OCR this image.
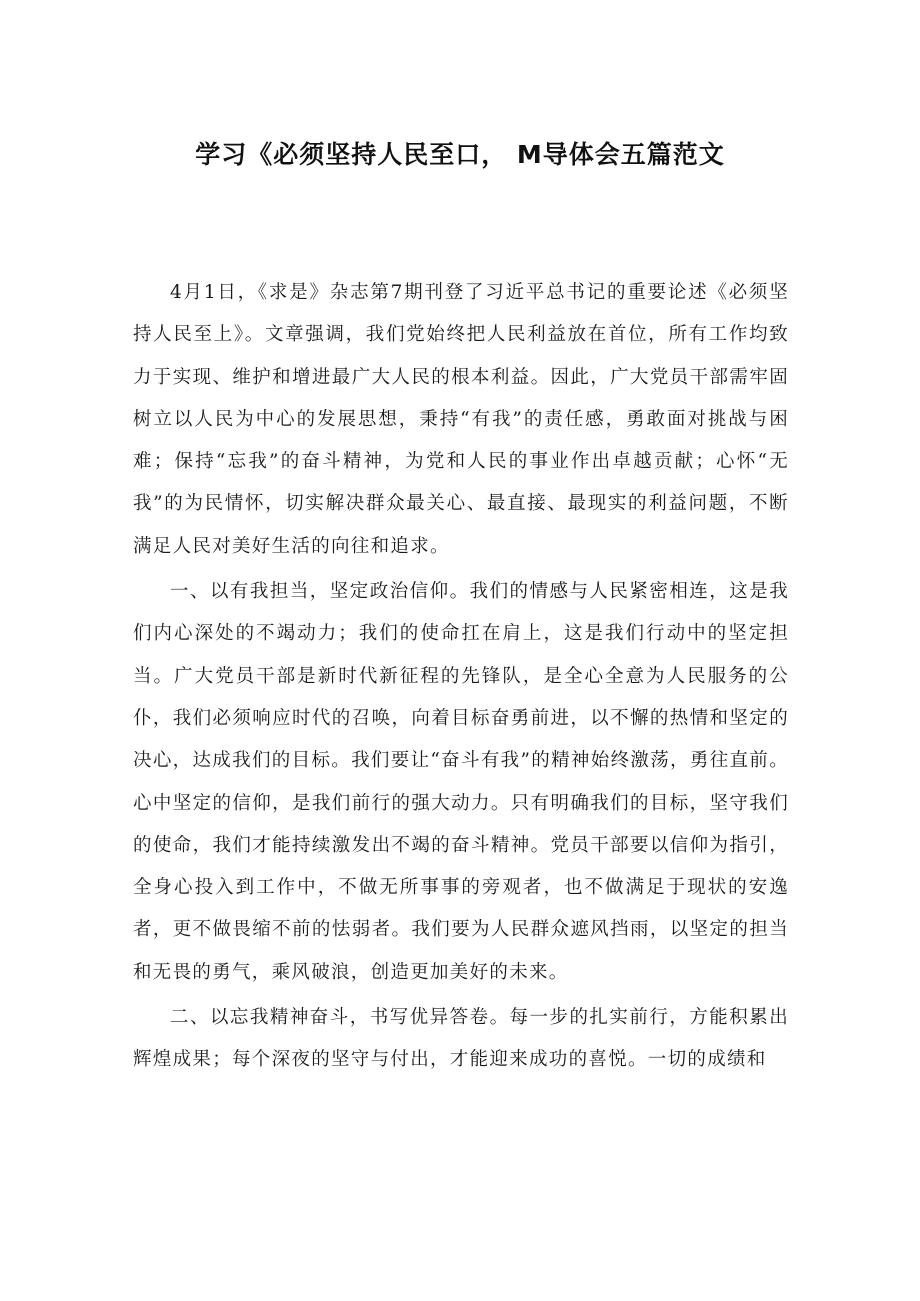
学习《必须坚持人民至口， M导体会五篇范文

4月1日，《求是》杂志第7期刊登了习近平总书记的重要论述《必须坚持人民至上》。文章强调，我们党始终把人民利益放在首位，所有工作均致力于实现、维护和增进最广大人民的根本利益。因此，广大党员干部需牢固树立以人民为中心的发展思想，秉持“有我”的责任感，勇敢面对挑战与困难；保持“忘我”的奋斗精神，为党和人民的事业作出卓越贡献；心怀“无我”的为民情怀，切实解决群众最关心、最直接、最现实的利益问题，不断满足人民对美好生活的向往和追求。

一、以有我担当，坚定政治信仰。我们的情感与人民紧密相连，这是我们内心深处的不竭动力；我们的使命扛在肩上，这是我们行动中的坚定担当。广大党员干部是新时代新征程的先锋队，是全心全意为人民服务的公仆，我们必须响应时代的召唤，向着目标奋勇前进，以不懈的热情和坚定的决心，达成我们的目标。我们要让“奋斗有我”的精神始终激荡，勇往直前。心中坚定的信仰，是我们前行的强大动力。只有明确我们的目标，坚守我们的使命，我们才能持续激发出不竭的奋斗精神。党员干部要以信仰为指引，全身心投入到工作中，不做无所事事的旁观者，也不做满足于现状的安逸者，更不做畏缩不前的怯弱者。我们要为人民群众遮风挡雨，以坚定的担当和无畏的勇气，乘风破浪，创造更加美好的未来。

二、以忘我精神奋斗，书写优异答卷。每一步的扎实前行，方能积累出辉煌成果；每个深夜的坚守与付出，才能迎来成功的喜悦。一切的成绩和
